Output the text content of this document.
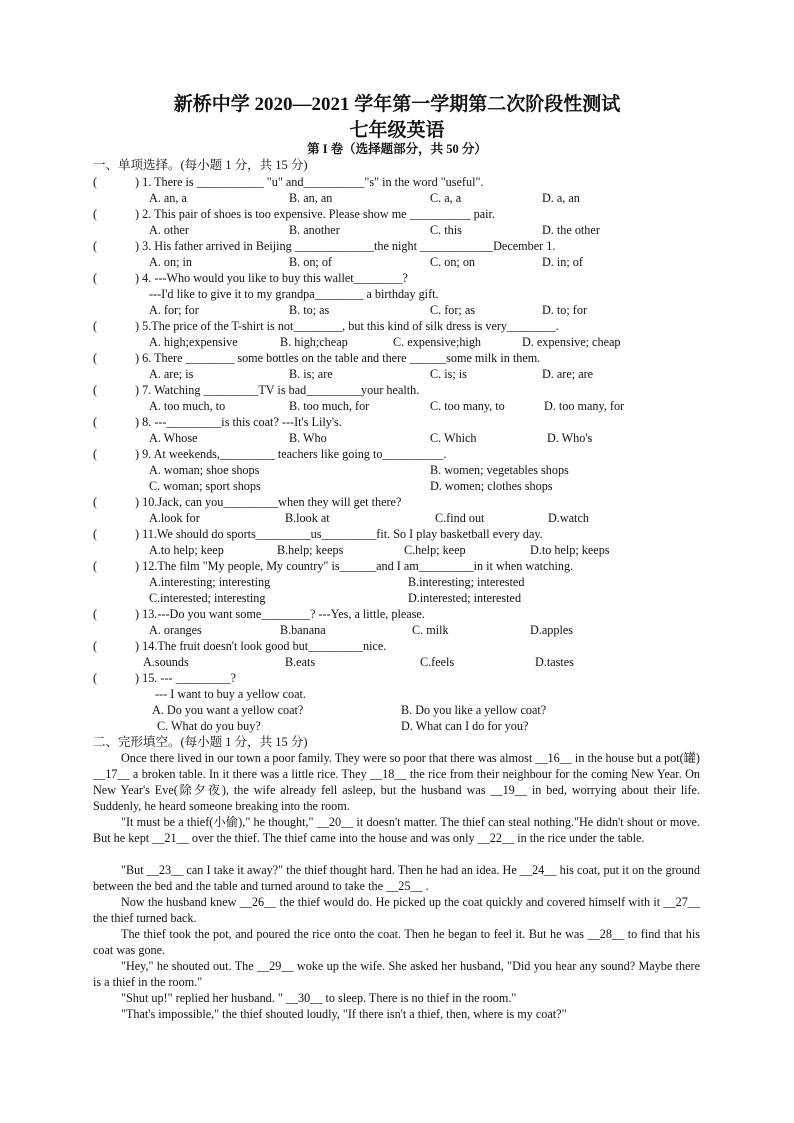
新桥中学 2020—2021 学年第一学期第二次阶段性测试
七年级英语
第 I 卷（选择题部分，共 50 分）
一、单项选择。(每小题 1 分，共 15 分)
(	) 1. There is ___________ "u" and__________"s" in the word "useful".
A. an, a	B. an, an	C. a, a	D. a, an
(	) 2. This pair of shoes is too expensive. Please show me __________ pair.
A. other	B. another	C. this	D. the other
(	) 3. His father arrived in Beijing _____________the night ____________December 1.
A. on; in	B. on; of	C. on; on	D. in; of
(	) 4. ---Who would you like to buy this wallet________?
---I'd like to give it to my grandpa________ a birthday gift.
A. for; for	B. to; as	C. for; as	D. to; for
(	) 5.The price of the T-shirt is not________, but this kind of silk dress is very________.
A. high;expensive	B. high;cheap	C. expensive;high	D. expensive; cheap
(	) 6. There ________ some bottles on the table and there ______some milk in them.
A. are; is	B. is; are	C. is; is	D. are; are
(	) 7. Watching _________TV is bad_________your health.
A. too much, to	B. too much, for	C. too many, to	D. too many, for
(	) 8. ---_________is this coat? ---It's Lily's.
A. Whose	B. Who	C. Which	D. Who's
(	) 9. At weekends,_________ teachers like going to__________.
A. woman; shoe shops	B. women; vegetables shops
C. woman; sport shops	D. women; clothes shops
(	) 10.Jack, can you_________when they will get there?
A.look for	B.look at	C.find out	D.watch
(	) 11.We should do sports_________us_________fit. So I play basketball every day.
A.to help; keep	B.help; keeps	C.help; keep	D.to help; keeps
(	) 12.The film "My people, My country" is______and I am_________in it when watching.
A.interesting; interesting	B.interesting; interested
C.interested; interesting	D.interested; interested
(	) 13.---Do you want some________? ---Yes, a little, please.
A. oranges	B.banana	C. milk	D.apples
(	) 14.The fruit doesn't look good but_________nice.
A.sounds	B.eats	C.feels	D.tastes
(	) 15. --- _________?
--- I want to buy a yellow coat.
A. Do you want a yellow coat?	B. Do you like a yellow coat?
C. What do you buy?	D. What can I do for you?
二、完形填空。(每小题 1 分，共 15 分)
Once there lived in our town a poor family. They were so poor that there was almost __16__ in the house but a pot(罐) __17__ a broken table. In it there was a little rice. They __18__ the rice from their neighbour for the coming New Year. On New Year's Eve(除夕夜), the wife already fell asleep, but the husband was __19__ in bed, worrying about their life. Suddenly, he heard someone breaking into the room.
"It must be a thief(小偷)," he thought," __20__ it doesn't matter. The thief can steal nothing."He didn't shout or move. But he kept __21__ over the thief. The thief came into the house and was only __22__ in the rice under the table.
"But __23__ can I take it away?" the thief thought hard. Then he had an idea. He __24__ his coat, put it on the ground between the bed and the table and turned around to take the __25__ .
Now the husband knew __26__ the thief would do. He picked up the coat quickly and covered himself with it __27__ the thief turned back.
The thief took the pot, and poured the rice onto the coat. Then he began to feel it. But he was __28__ to find that his coat was gone.
"Hey," he shouted out. The __29__ woke up the wife. She asked her husband, "Did you hear any sound? Maybe there is a thief in the room."
"Shut up!" replied her husband. " __30__ to sleep. There is no thief in the room."
"That's impossible," the thief shouted loudly, "If there isn't a thief, then, where is my coat?"
